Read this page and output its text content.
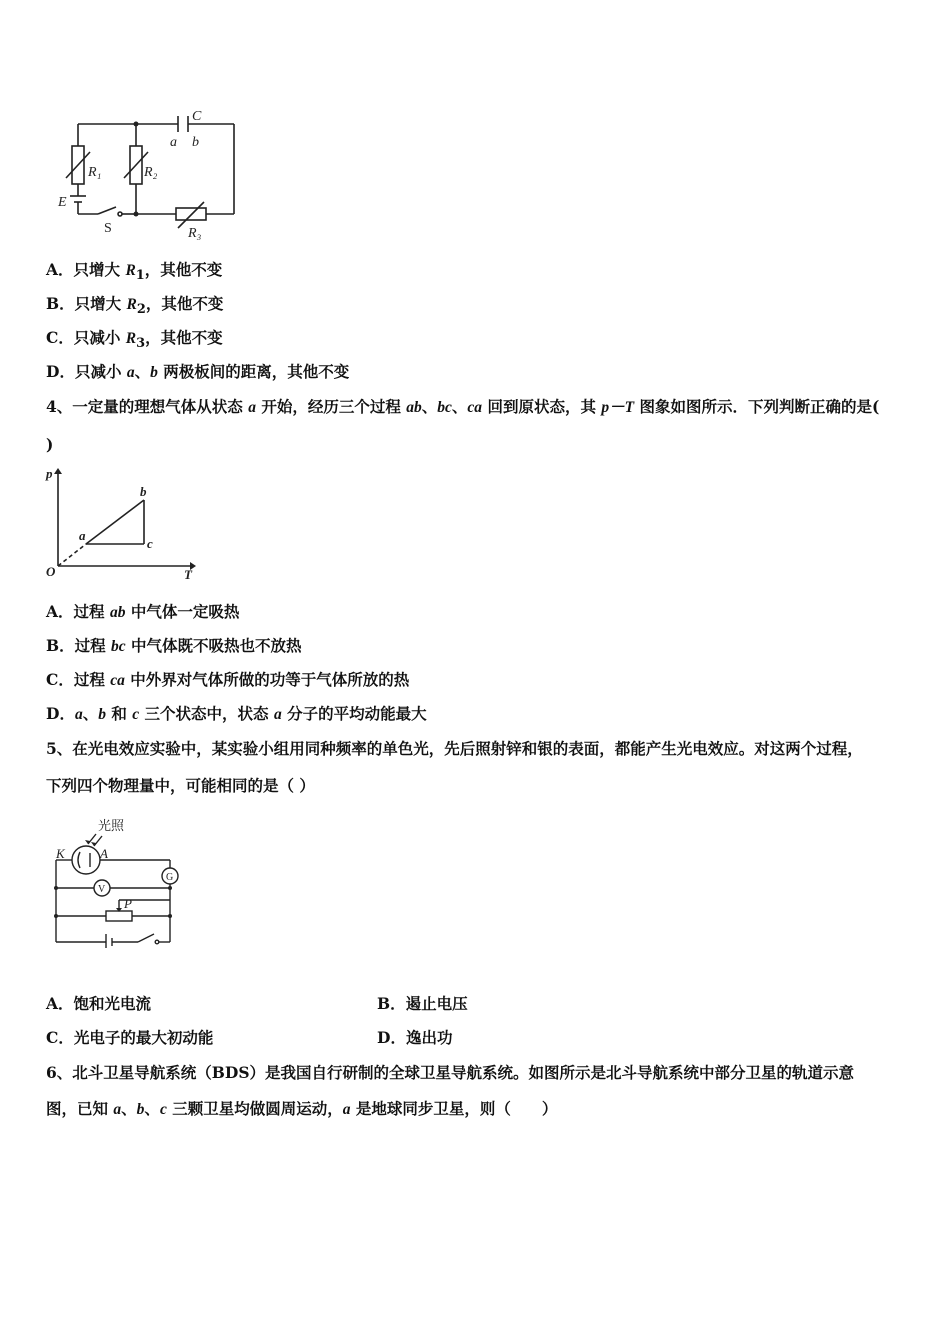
C
a b
R₁	R₂
R₃
E
S
A．只增大 $R_1$，其他不变
B．只增大 $R_2$，其他不变
C．只减小 $R_3$，其他不变
D．只减小 a、b 两极板间的距离，其他不变
4、一定量的理想气体从状态 a 开始，经历三个过程 ab、bc、ca 回到原状态，其 p－T 图象如图所示．下列判断正确的是(
)
p
T
O
a
b
c
A．过程 ab 中气体一定吸热
B．过程 bc 中气体既不吸热也不放热
C．过程 ca 中外界对气体所做的功等于气体所放的热
D．a、b 和 c 三个状态中，状态 a 分子的平均动能最大
5、在光电效应实验中，某实验小组用同种频率的单色光，先后照射锌和银的表面，都能产生光电效应。对这两个过程，
下列四个物理量中，可能相同的是（ ）
光照
K	A
V
G
P
A．饱和光电流	B．遏止电压
C．光电子的最大初动能	D．逸出功
6、北斗卫星导航系统（BDS）是我国自行研制的全球卫星导航系统。如图所示是北斗导航系统中部分卫星的轨道示意
图，已知 a、b、c 三颗卫星均做圆周运动，a 是地球同步卫星，则（　　）
